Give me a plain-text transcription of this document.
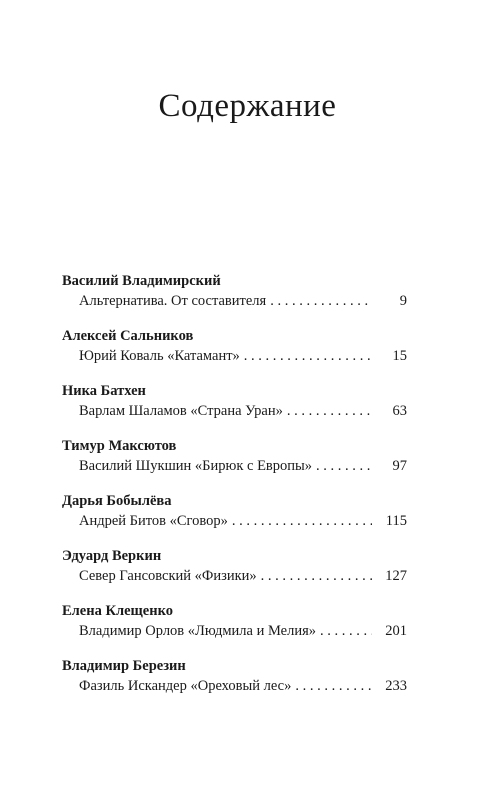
Содержание
Василий Владимирский
Альтернатива. От составителя . . .	9
Алексей Сальников
Юрий Коваль «Катамант» . . .	15
Ника Батхен
Варлам Шаламов «Страна Уран» . . .	63
Тимур Максютов
Василий Шукшин «Бирюк с Европы» . . .	97
Дарья Бобылёва
Андрей Битов «Сговор» . . .	115
Эдуард Веркин
Север Гансовский «Физики» . . .	127
Елена Клещенко
Владимир Орлов «Людмила и Мелия» . . .	201
Владимир Березин
Фазиль Искандер «Ореховый лес» . . .	233
